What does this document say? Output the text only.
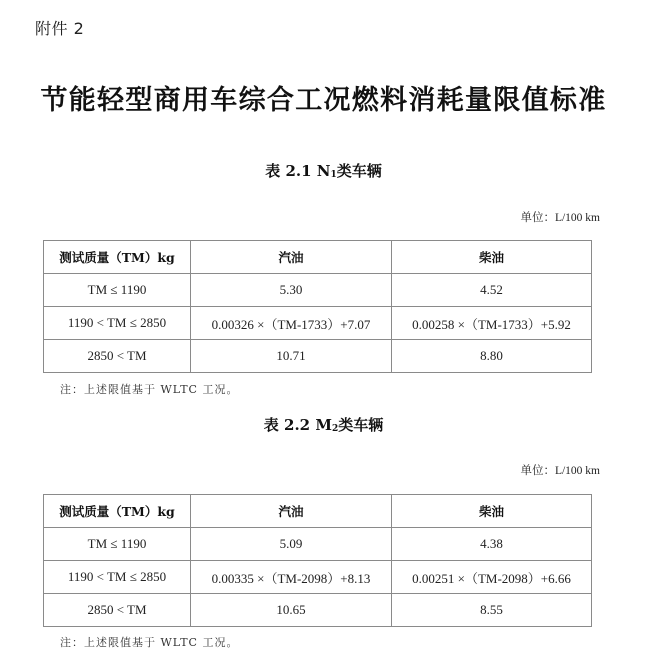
附件 2
节能轻型商用车综合工况燃料消耗量限值标准
表 2.1 $N_1$类车辆
单位：L/100 km
测试质量（TM）kg	汽油	柴油
TM ≤ 1190	5.30	4.52
1190 < TM ≤ 2850	0.00326 ×（TM-1733）+7.07	0.00258 ×（TM-1733）+5.92
2850 < TM	10.71	8.80
注：上述限值基于 WLTC 工况。
表 2.2 $M_2$类车辆
单位：L/100 km
测试质量（TM）kg	汽油	柴油
TM ≤ 1190	5.09	4.38
1190 < TM ≤ 2850	0.00335 ×（TM-2098）+8.13	0.00251 ×（TM-2098）+6.66
2850 < TM	10.65	8.55
注：上述限值基于 WLTC 工况。
